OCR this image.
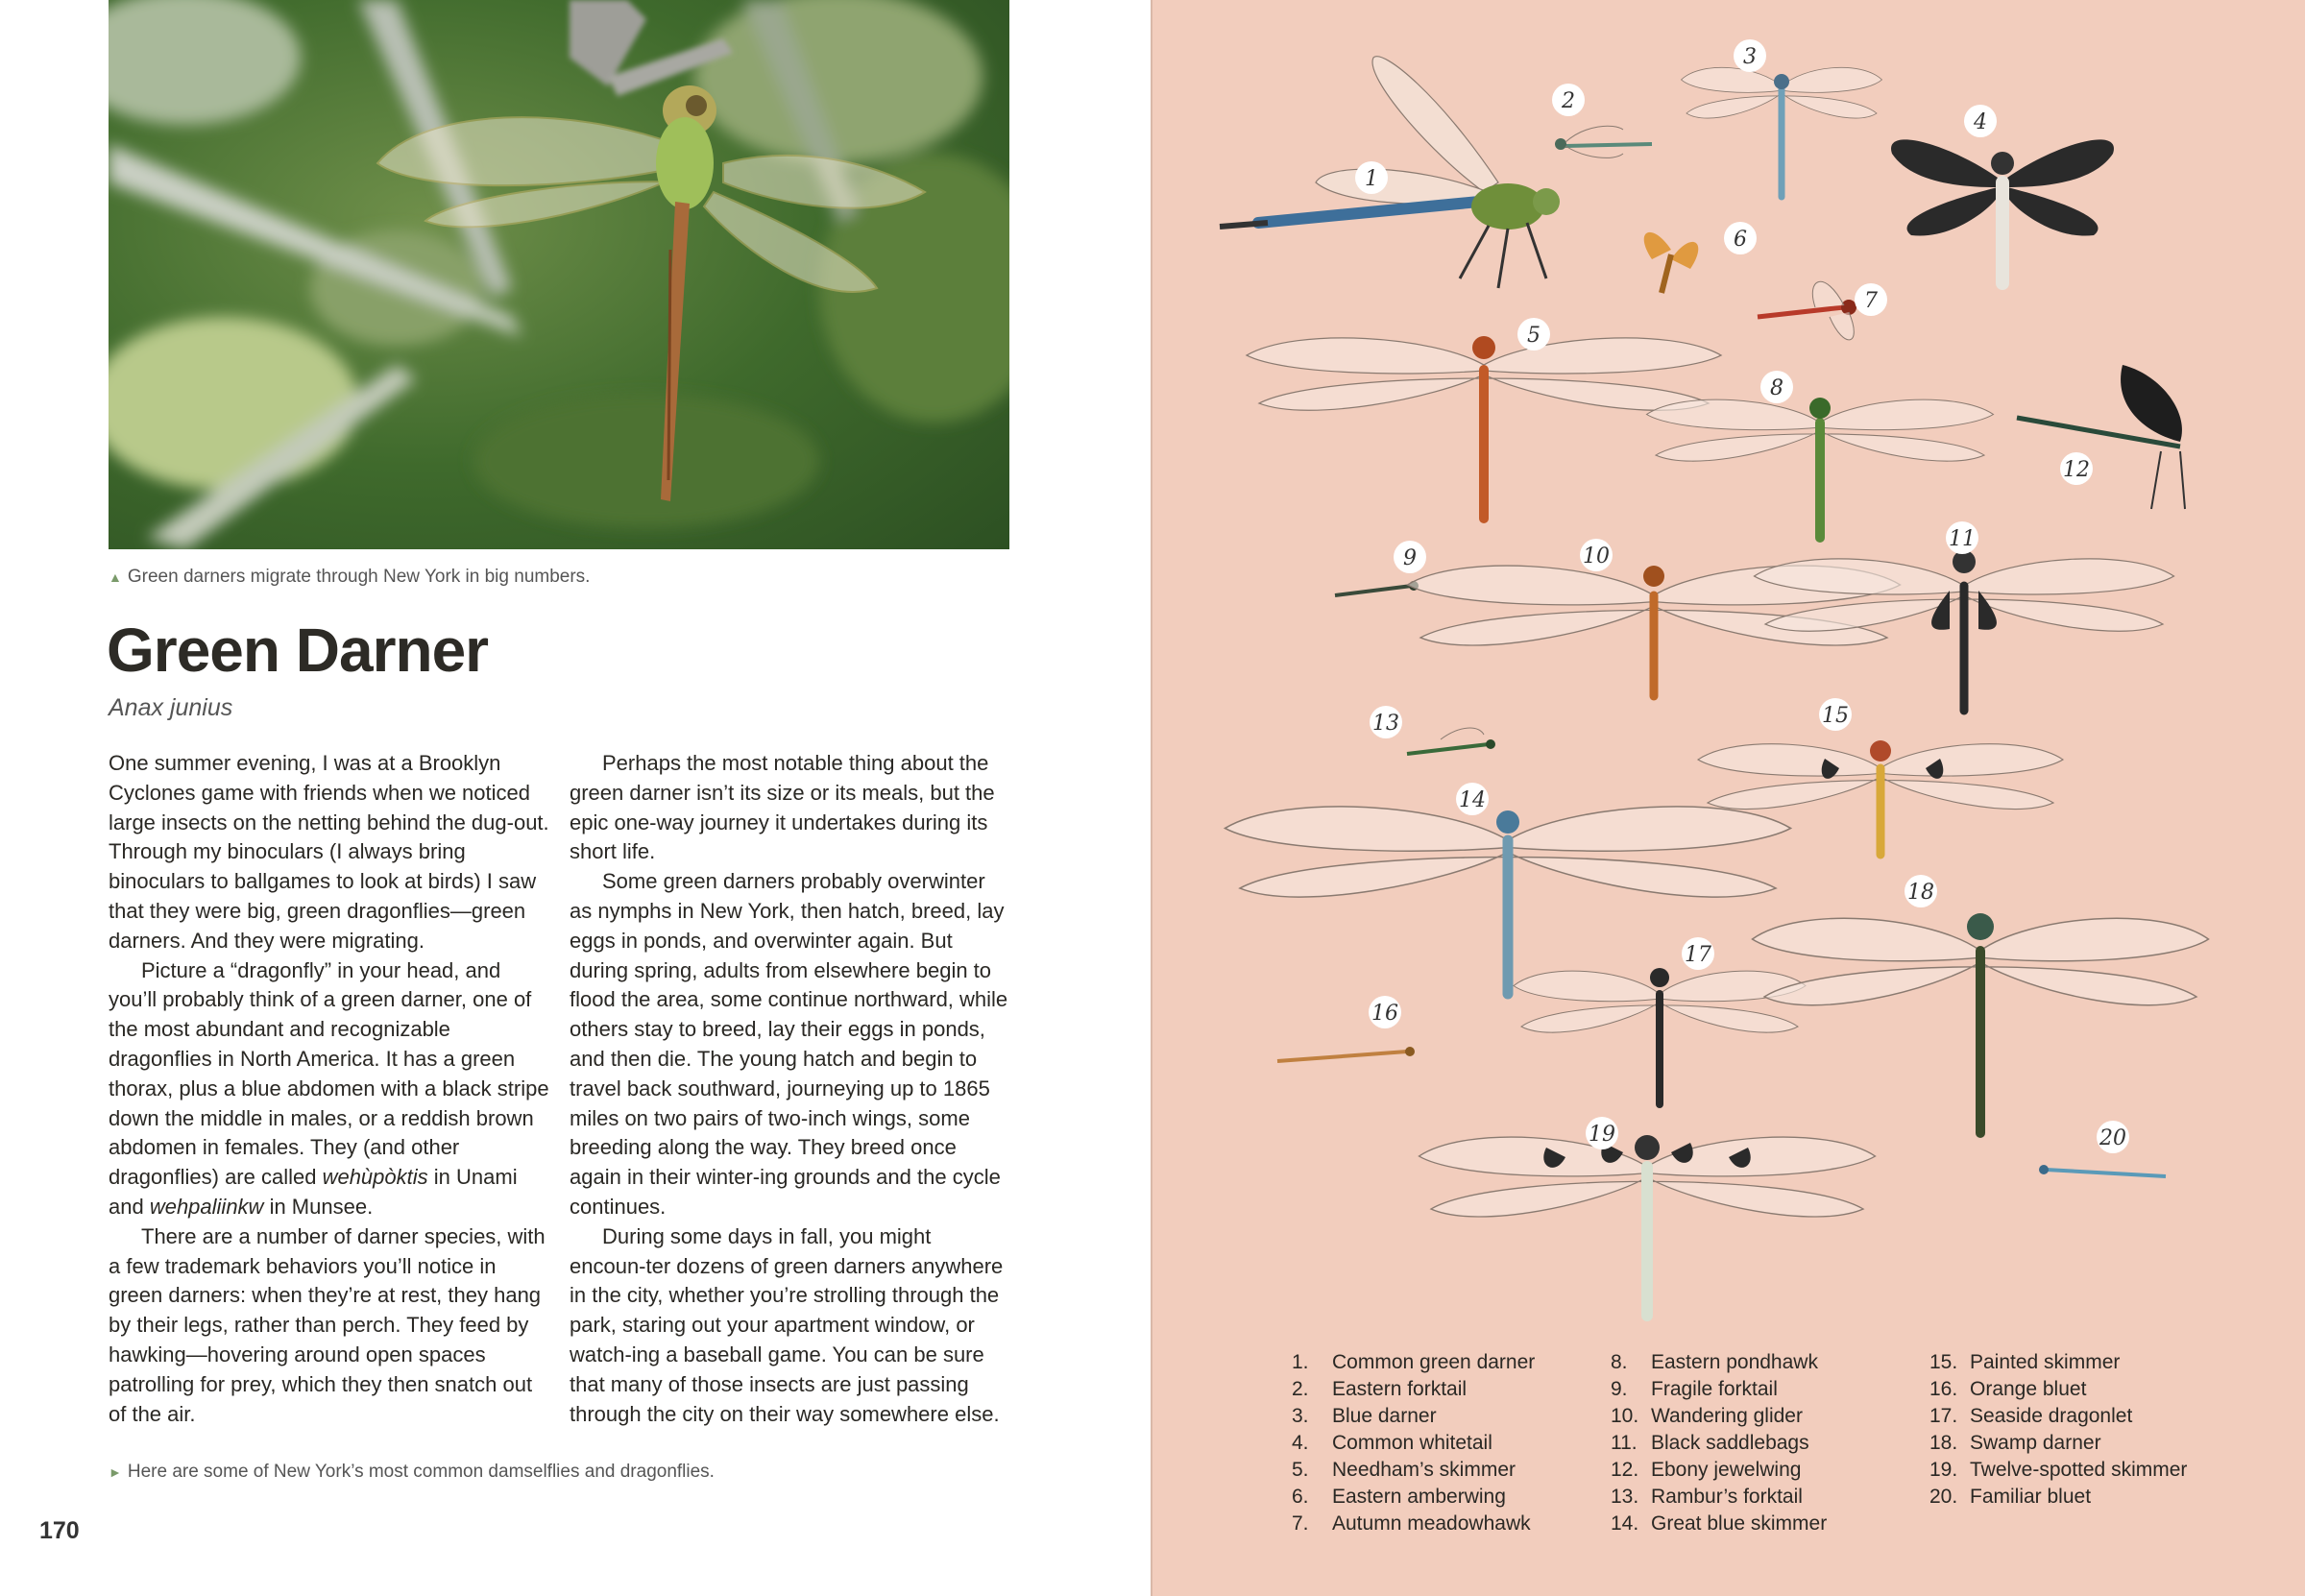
▲ Green darners migrate through New York in big numbers.
Green Darner
Anax junius

One summer evening, I was at a Brooklyn Cyclones game with friends when we noticed large insects on the netting behind the dug-out. Through my binoculars (I always bring binoculars to ballgames to look at birds) I saw that they were big, green dragonflies—green darners. And they were migrating.

Picture a “dragonfly” in your head, and you’ll probably think of a green darner, one of the most abundant and recognizable dragonflies in North America. It has a green thorax, plus a blue abdomen with a black stripe down the middle in males, or a reddish brown abdomen in females. They (and other dragonflies) are called wehùpòktis in Unami and wehpaliinkw in Munsee.

There are a number of darner species, with a few trademark behaviors you’ll notice in green darners: when they’re at rest, they hang by their legs, rather than perch. They feed by hawking—hovering around open spaces patrolling for prey, which they then snatch out of the air.

Perhaps the most notable thing about the green darner isn’t its size or its meals, but the epic one-way journey it undertakes during its short life.

Some green darners probably overwinter as nymphs in New York, then hatch, breed, lay eggs in ponds, and overwinter again. But during spring, adults from elsewhere begin to flood the area, some continue northward, while others stay to breed, lay their eggs in ponds, and then die. The young hatch and begin to travel back southward, journeying up to 1865 miles on two pairs of two-inch wings, some breeding along the way. They breed once again in their winter-ing grounds and the cycle continues.

During some days in fall, you might encoun-ter dozens of green darners anywhere in the city, whether you’re strolling through the park, staring out your apartment window, or watch-ing a baseball game. You can be sure that many of those insects are just passing through the city on their way somewhere else.

► Here are some of New York’s most common damselflies and dragonflies.
170
1
2
3
4
5
6
7
8
9	10
11
12
13
14
15
16
17
18
19	20
1.	Common green darner
2.	Eastern forktail
3.	Blue darner
4.	Common whitetail
5.	Needham’s skimmer
6.	Eastern amberwing
7.	Autumn meadowhawk
8.	Eastern pondhawk
9.	Fragile forktail
10. Wandering glider
11. Black saddlebags
12. Ebony jewelwing
13. Rambur’s forktail
14. Great blue skimmer
15. Painted skimmer
16. Orange bluet
17. Seaside dragonlet
18. Swamp darner
19. Twelve-spotted skimmer
20. Familiar bluet
